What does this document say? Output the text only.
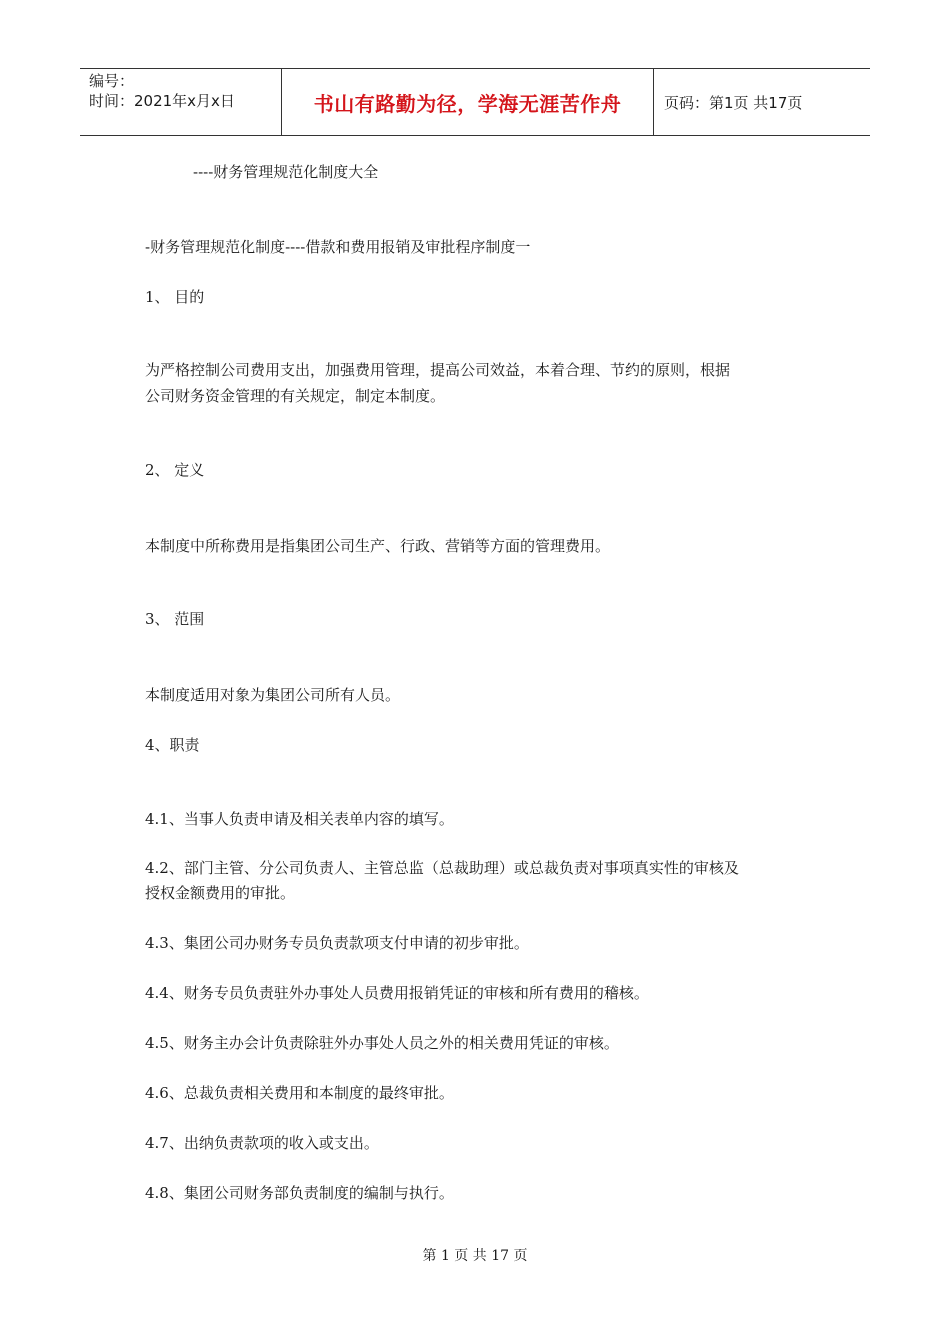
编号：
时间：2021年x月x日	书山有路勤为径，学海无涯苦作舟	页码：第1页 共17页
----财务管理规范化制度大全
-财务管理规范化制度----借款和费用报销及审批程序制度一
1、 目的
为严格控制公司费用支出，加强费用管理，提高公司效益，本着合理、节约的原则，根据
公司财务资金管理的有关规定，制定本制度。
2、 定义
本制度中所称费用是指集团公司生产、行政、营销等方面的管理费用。
3、 范围
本制度适用对象为集团公司所有人员。
4、职责
4.1、当事人负责申请及相关表单内容的填写。
4.2、部门主管、分公司负责人、主管总监（总裁助理）或总裁负责对事项真实性的审核及
授权金额费用的审批。
4.3、集团公司办财务专员负责款项支付申请的初步审批。
4.4、财务专员负责驻外办事处人员费用报销凭证的审核和所有费用的稽核。
4.5、财务主办会计负责除驻外办事处人员之外的相关费用凭证的审核。
4.6、总裁负责相关费用和本制度的最终审批。
4.7、出纳负责款项的收入或支出。
4.8、集团公司财务部负责制度的编制与执行。
第 1 页 共 17 页
